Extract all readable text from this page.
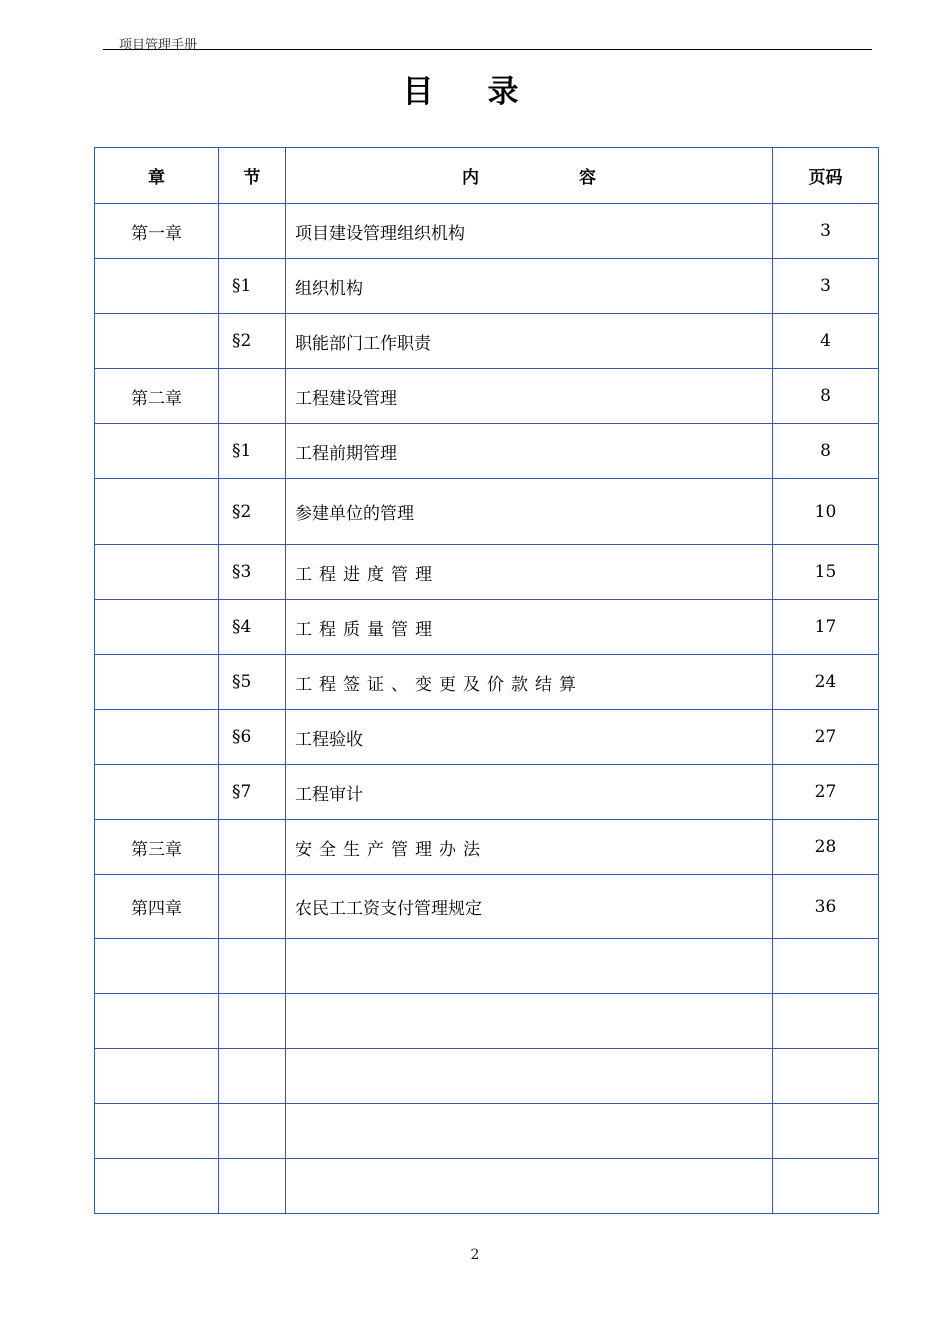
项目管理手册
目录
章	节	内容	页码
第一章		项目建设管理组织机构	3
	§1	组织机构	3
	§2	职能部门工作职责	4
第二章		工程建设管理	8
	§1	工程前期管理	8
	§2	参建单位的管理	10
	§3	工程进度管理	15
	§4	工程质量管理	17
	§5	工程签证、变更及价款结算	24
	§6	工程验收	27
	§7	工程审计	27
第三章		安全生产管理办法	28
第四章		农民工工资支付管理规定	36

2
